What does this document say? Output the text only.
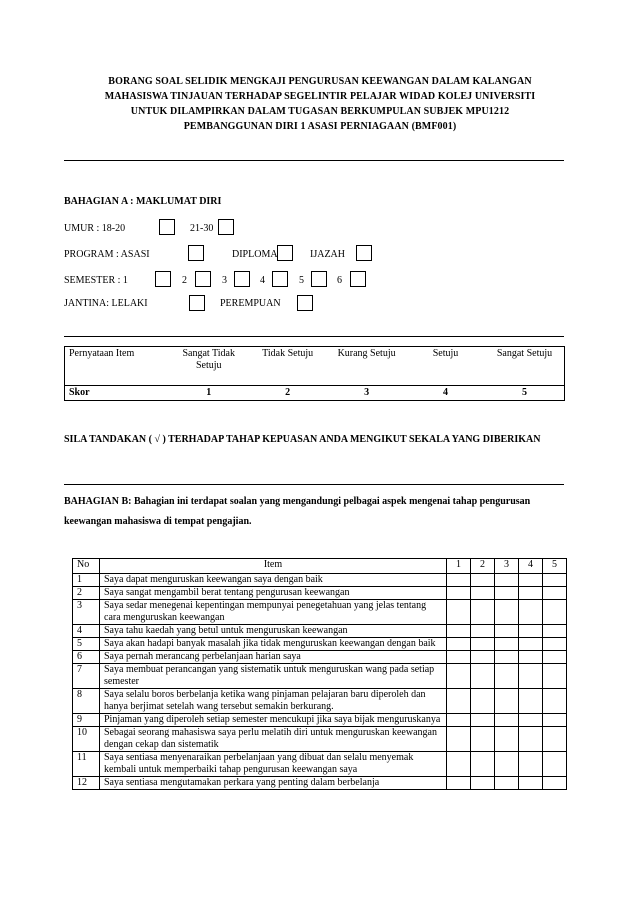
BORANG SOAL SELIDIK MENGKAJI PENGURUSAN KEEWANGAN DALAM KALANGAN
MAHASISWA TINJAUAN TERHADAP SEGELINTIR PELAJAR WIDAD KOLEJ UNIVERSITI
UNTUK DILAMPIRKAN DALAM TUGASAN BERKUMPULAN SUBJEK MPU1212
PEMBANGGUNAN DIRI 1 ASASI PERNIAGAAN (BMF001)
BAHAGIAN A : MAKLUMAT DIRI
UMUR : 18-20	21-30
PROGRAM : ASASI	DIPLOMA	IJAZAH
SEMESTER : 1	2	3	4	5	6
JANTINA: LELAKI	PEREMPUAN
Pernyataan Item	Sangat Tidak Setuju	Tidak Setuju	Kurang Setuju	Setuju	Sangat Setuju
Skor	1	2	3	4	5
SILA TANDAKAN ( √ ) TERHADAP TAHAP KEPUASAN ANDA MENGIKUT SEKALA YANG DIBERIKAN
BAHAGIAN B: Bahagian ini terdapat soalan yang mengandungi pelbagai aspek mengenai tahap pengurusan keewangan mahasiswa di tempat pengajian.
No	Item	1	2	3	4	5
1	Saya dapat menguruskan keewangan saya dengan baik					
2	Saya sangat mengambil berat tentang pengurusan keewangan					
3	Saya sedar menegenai kepentingan mempunyai penegetahuan yang jelas tentang cara menguruskan keewangan					
4	Saya tahu kaedah yang betul untuk menguruskan keewangan					
5	Saya akan hadapi banyak masalah jika tidak menguruskan keewangan dengan baik					
6	Saya pernah merancang perbelanjaan harian saya					
7	Saya membuat perancangan yang sistematik untuk menguruskan wang pada setiap semester					
8	Saya selalu boros berbelanja ketika wang pinjaman pelajaran baru diperoleh dan hanya berjimat setelah wang tersebut semakin berkurang.					
9	Pinjaman yang diperoleh setiap semester mencukupi jika saya bijak menguruskanya					
10	Sebagai seorang mahasiswa saya perlu melatih diri untuk menguruskan keewangan dengan cekap dan sistematik					
11	Saya sentiasa menyenaraikan perbelanjaan yang dibuat dan selalu menyemak kembali untuk memperbaiki tahap pengurusan keewangan saya					
12	Saya sentiasa mengutamakan perkara yang penting dalam berbelanja					
